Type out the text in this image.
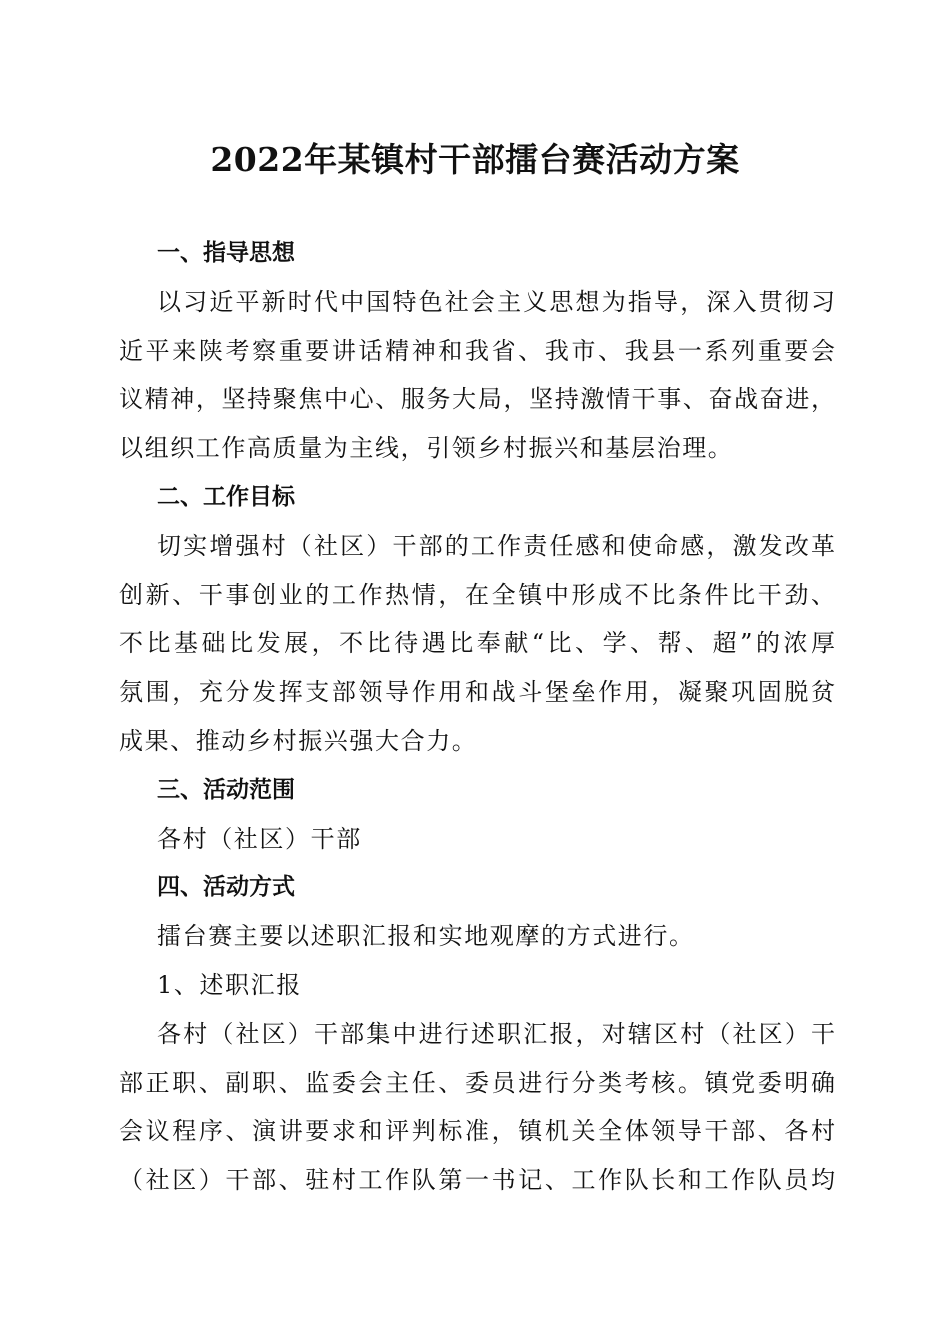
2022年某镇村干部擂台赛活动方案
一、指导思想
以习近平新时代中国特色社会主义思想为指导，深入贯彻习
近平来陕考察重要讲话精神和我省、我市、我县一系列重要会
议精神，坚持聚焦中心、服务大局，坚持激情干事、奋战奋进，
以组织工作高质量为主线，引领乡村振兴和基层治理。
二、工作目标
切实增强村（社区）干部的工作责任感和使命感，激发改革
创新、干事创业的工作热情，在全镇中形成不比条件比干劲、
不比基础比发展，不比待遇比奉献“比、学、帮、超”的浓厚
氛围，充分发挥支部领导作用和战斗堡垒作用，凝聚巩固脱贫
成果、推动乡村振兴强大合力。
三、活动范围
各村（社区）干部
四、活动方式
擂台赛主要以述职汇报和实地观摩的方式进行。
1、述职汇报
各村（社区）干部集中进行述职汇报，对辖区村（社区）干
部正职、副职、监委会主任、委员进行分类考核。镇党委明确
会议程序、演讲要求和评判标准，镇机关全体领导干部、各村
（社区）干部、驻村工作队第一书记、工作队长和工作队员均
